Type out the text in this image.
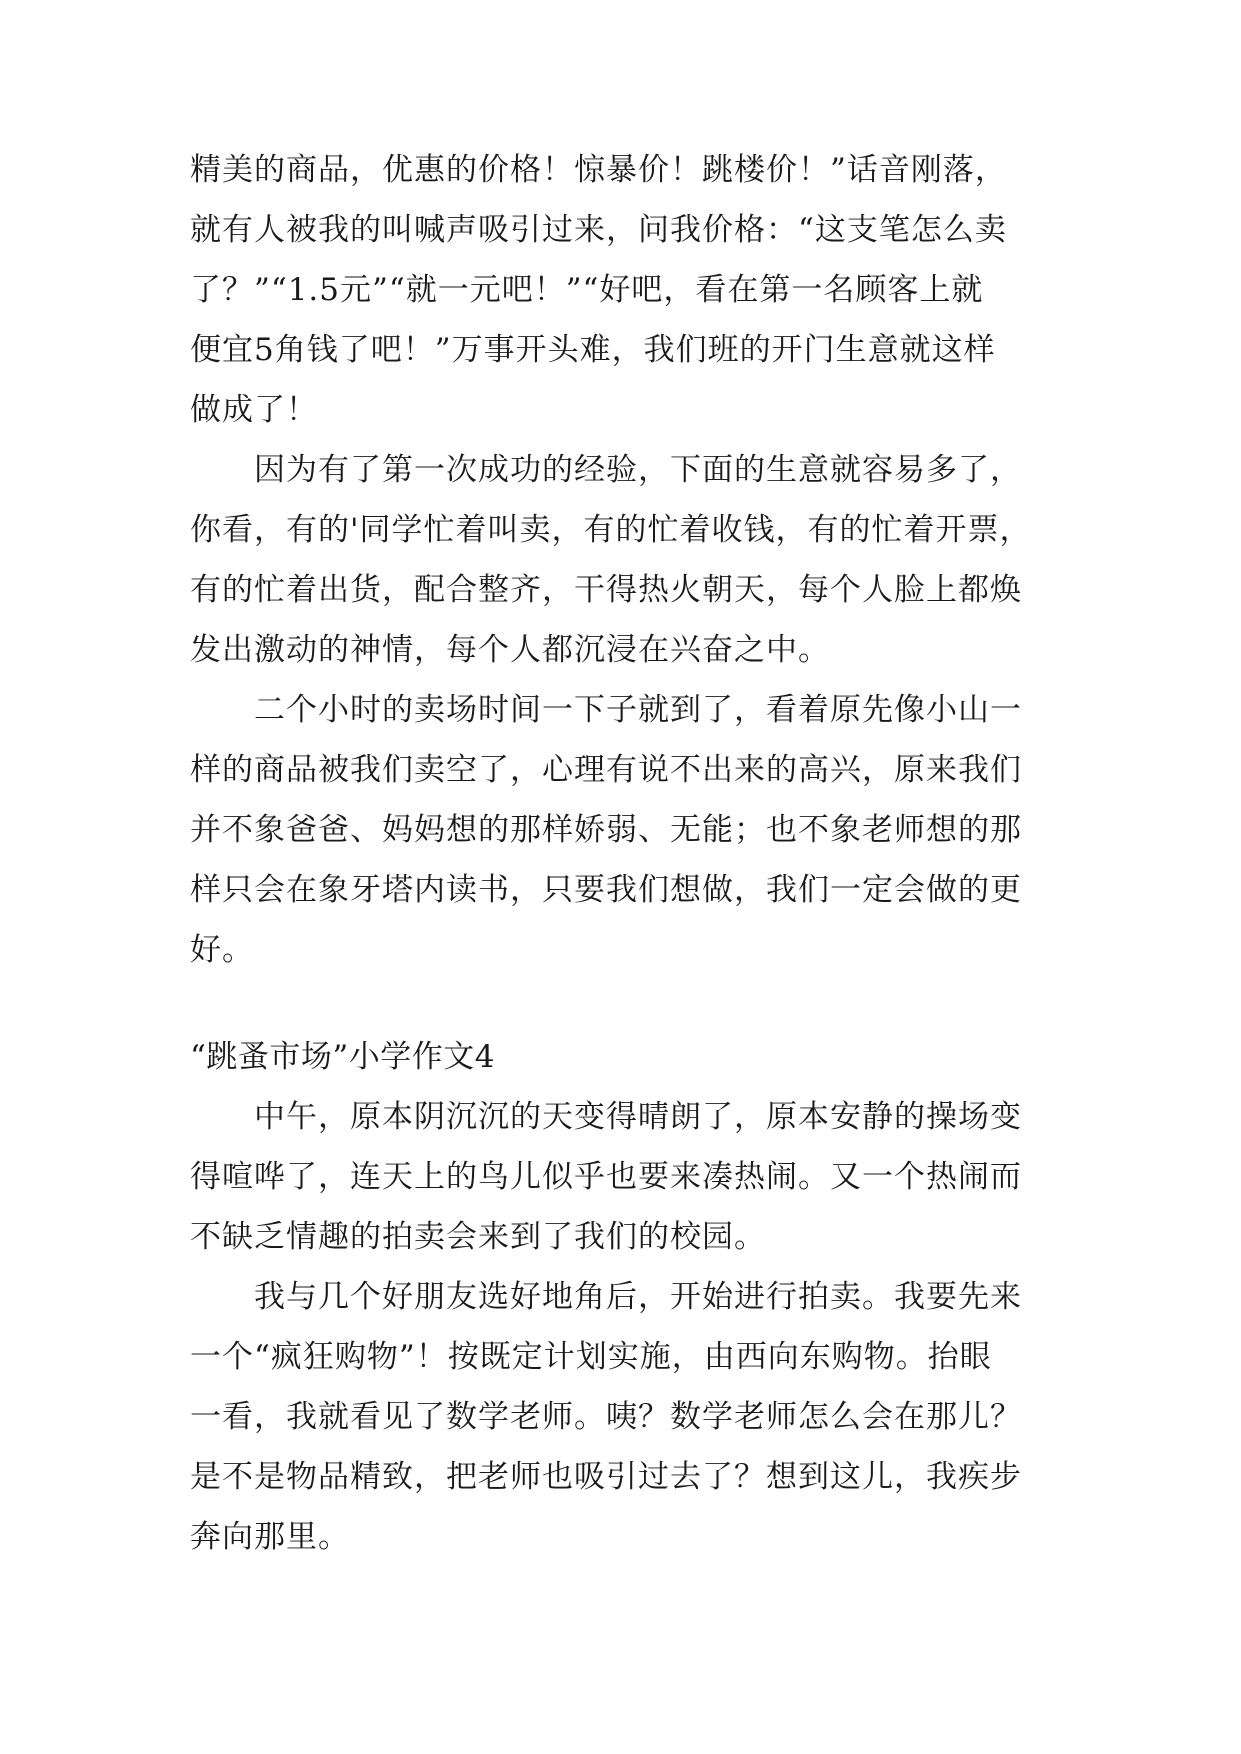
精美的商品，优惠的价格！惊暴价！跳楼价！”话音刚落，
就有人被我的叫喊声吸引过来，问我价格：“这支笔怎么卖
了？”“1.5元”“就一元吧！”“好吧，看在第一名顾客上就
便宜5角钱了吧！”万事开头难，我们班的开门生意就这样
做成了！
因为有了第一次成功的经验，下面的生意就容易多了，
你看，有的'同学忙着叫卖，有的忙着收钱，有的忙着开票，
有的忙着出货，配合整齐，干得热火朝天，每个人脸上都焕
发出激动的神情，每个人都沉浸在兴奋之中。
二个小时的卖场时间一下子就到了，看着原先像小山一
样的商品被我们卖空了，心理有说不出来的高兴，原来我们
并不象爸爸、妈妈想的那样娇弱、无能；也不象老师想的那
样只会在象牙塔内读书，只要我们想做，我们一定会做的更
好。
“跳蚤市场”小学作文4
中午，原本阴沉沉的天变得晴朗了，原本安静的操场变
得喧哗了，连天上的鸟儿似乎也要来凑热闹。又一个热闹而
不缺乏情趣的拍卖会来到了我们的校园。
我与几个好朋友选好地角后，开始进行拍卖。我要先来
一个“疯狂购物”！按既定计划实施，由西向东购物。抬眼
一看，我就看见了数学老师。咦？数学老师怎么会在那儿？
是不是物品精致，把老师也吸引过去了？想到这儿，我疾步
奔向那里。
